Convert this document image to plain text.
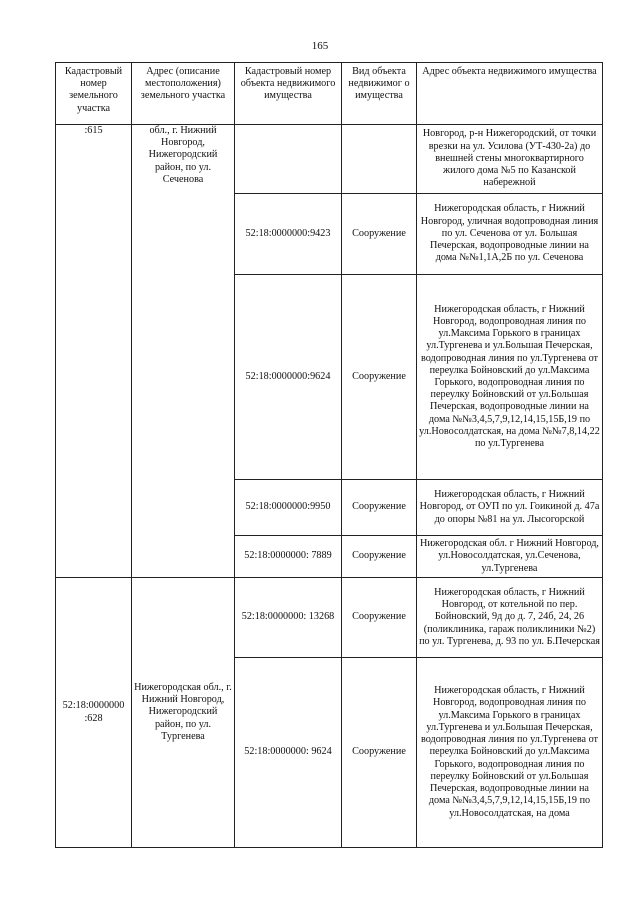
165
Кадастровый номер земельного участка	Адрес (описание местоположения) земельного участка	Кадастровый номер объекта недвижимого имущества	Вид объекта недвижимог о имущества	Адрес объекта недвижимого имущества
:615	обл., г. Нижний Новгород, Нижегородский район, по ул. Сеченова			Новгород, р-н Нижегородский, от точки врезки на ул. Усилова (УТ-430-2а) до внешней стены многоквартирного жилого дома №5 по Казанской набережной
		52:18:0000000:9423	Сооружение	Нижегородская область, г Нижний Новгород, уличная водопроводная линия по ул. Сеченова от ул. Большая Печерская, водопроводные линии на дома №№1,1А,2Б по ул. Сеченова
		52:18:0000000:9624	Сооружение	Нижегородская область, г Нижний Новгород, водопроводная линия по ул.Максима Горького в границах ул.Тургенева и ул.Большая Печерская, водопроводная линия по ул.Тургенева от переулка Бойновский до ул.Максима Горького, водопроводная линия по переулку Бойновский от ул.Большая Печерская, водопроводные линии на дома №№3,4,5,7,9,12,14,15,15Б,19 по ул.Новосолдатская, на дома №№7,8,14,22 по ул.Тургенева
		52:18:0000000:9950	Сооружение	Нижегородская область, г Нижний Новгород, от ОУП по ул. Гоикиной д. 47а до опоры №81 на ул. Лысогорской
		52:18:0000000: 7889	Сооружение	Нижегородская обл. г Нижний Новгород, ул.Новосолдатская, ул.Сеченова, ул.Тургенева
52:18:0000000 :628	Нижегородская обл., г. Нижний Новгород, Нижегородский район, по ул. Тургенева	52:18:0000000: 13268	Сооружение	Нижегородская область, г Нижний Новгород, от котельной по пер. Бойновский, 9д до д. 7, 24б, 24, 26 (поликлиника, гараж поликлиники №2) по ул. Тургенева, д. 93 по ул. Б.Печерская
		52:18:0000000: 9624	Сооружение	Нижегородская область, г Нижний Новгород, водопроводная линия по ул.Максима Горького в границах ул.Тургенева и ул.Большая Печерская, водопроводная линия по ул.Тургенева от переулка Бойновский до ул.Максима Горького, водопроводная линия по переулку Бойновский от ул.Большая Печерская, водопроводные линии на дома №№3,4,5,7,9,12,14,15,15Б,19 по ул.Новосолдатская, на дома
